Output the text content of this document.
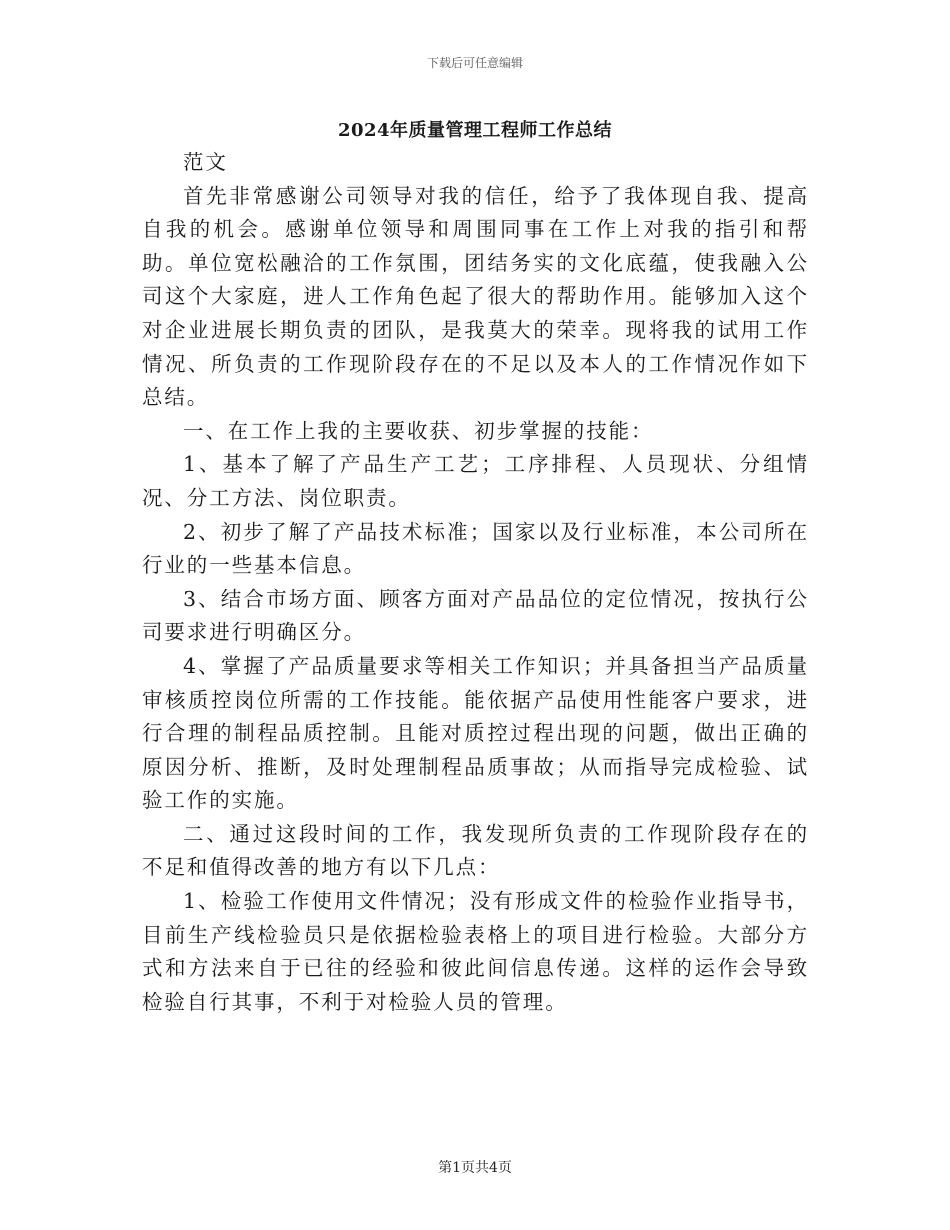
下载后可任意编辑
2024年质量管理工程师工作总结

范文

首先非常感谢公司领导对我的信任，给予了我体现自我、提高自我的机会。感谢单位领导和周围同事在工作上对我的指引和帮助。单位宽松融洽的工作氛围，团结务实的文化底蕴，使我融入公司这个大家庭，进人工作角色起了很大的帮助作用。能够加入这个对企业进展长期负责的团队，是我莫大的荣幸。现将我的试用工作情况、所负责的工作现阶段存在的不足以及本人的工作情况作如下总结。

一、在工作上我的主要收获、初步掌握的技能：

1、基本了解了产品生产工艺；工序排程、人员现状、分组情况、分工方法、岗位职责。

2、初步了解了产品技术标准；国家以及行业标准，本公司所在行业的一些基本信息。

3、结合市场方面、顾客方面对产品品位的定位情况，按执行公司要求进行明确区分。

4、掌握了产品质量要求等相关工作知识；并具备担当产品质量审核质控岗位所需的工作技能。能依据产品使用性能客户要求，进行合理的制程品质控制。且能对质控过程出现的问题，做出正确的原因分析、推断，及时处理制程品质事故；从而指导完成检验、试验工作的实施。

二、通过这段时间的工作，我发现所负责的工作现阶段存在的不足和值得改善的地方有以下几点：

1、检验工作使用文件情况；没有形成文件的检验作业指导书，目前生产线检验员只是依据检验表格上的项目进行检验。大部分方式和方法来自于已往的经验和彼此间信息传递。这样的运作会导致检验自行其事，不利于对检验人员的管理。

第1页共4页
